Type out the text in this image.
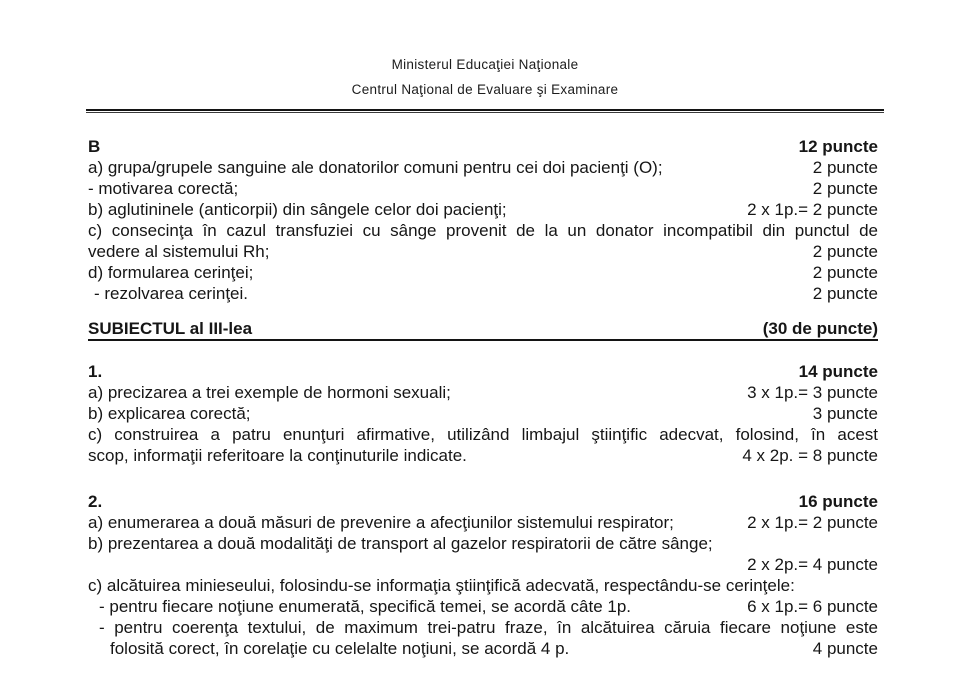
Ministerul Educaţiei Naţionale
Centrul Naţional de Evaluare şi Examinare
B	12 puncte
a) grupa/grupele sanguine ale donatorilor comuni pentru cei doi pacienţi (O);	2 puncte
- motivarea corectă;	2 puncte
b) aglutininele (anticorpii) din sângele celor doi pacienţi;	2 x 1p.= 2 puncte
c) consecinţa în cazul transfuziei cu sânge provenit de la un donator incompatibil din punctul de
vedere al sistemului Rh;	2 puncte
d) formularea cerinţei;	2 puncte
- rezolvarea cerinţei.	2 puncte
SUBIECTUL al III-lea	(30 de puncte)
1.	14 puncte
a) precizarea a trei exemple de hormoni sexuali;	3 x 1p.= 3 puncte
b) explicarea corectă;	3 puncte
c) construirea a patru enunţuri afirmative, utilizând limbajul ştiinţific adecvat, folosind, în acest
scop, informaţii referitoare la conţinuturile indicate.	4 x 2p. = 8 puncte
2.	16 puncte
a) enumerarea a două măsuri de prevenire a afecţiunilor sistemului respirator;	2 x 1p.= 2 puncte
b) prezentarea a două modalităţi de transport al gazelor respiratorii de către sânge;
2 x 2p.= 4 puncte
c) alcătuirea minieseului, folosindu-se informaţia ştiinţifică adecvată, respectându-se cerinţele:
- pentru fiecare noţiune enumerată, specifică temei, se acordă câte 1p.	6 x 1p.= 6 puncte
- pentru coerenţa textului, de maximum trei-patru fraze, în alcătuirea căruia fiecare noţiune este
folosită corect, în corelaţie cu celelalte noţiuni, se acordă 4 p.	4 puncte
